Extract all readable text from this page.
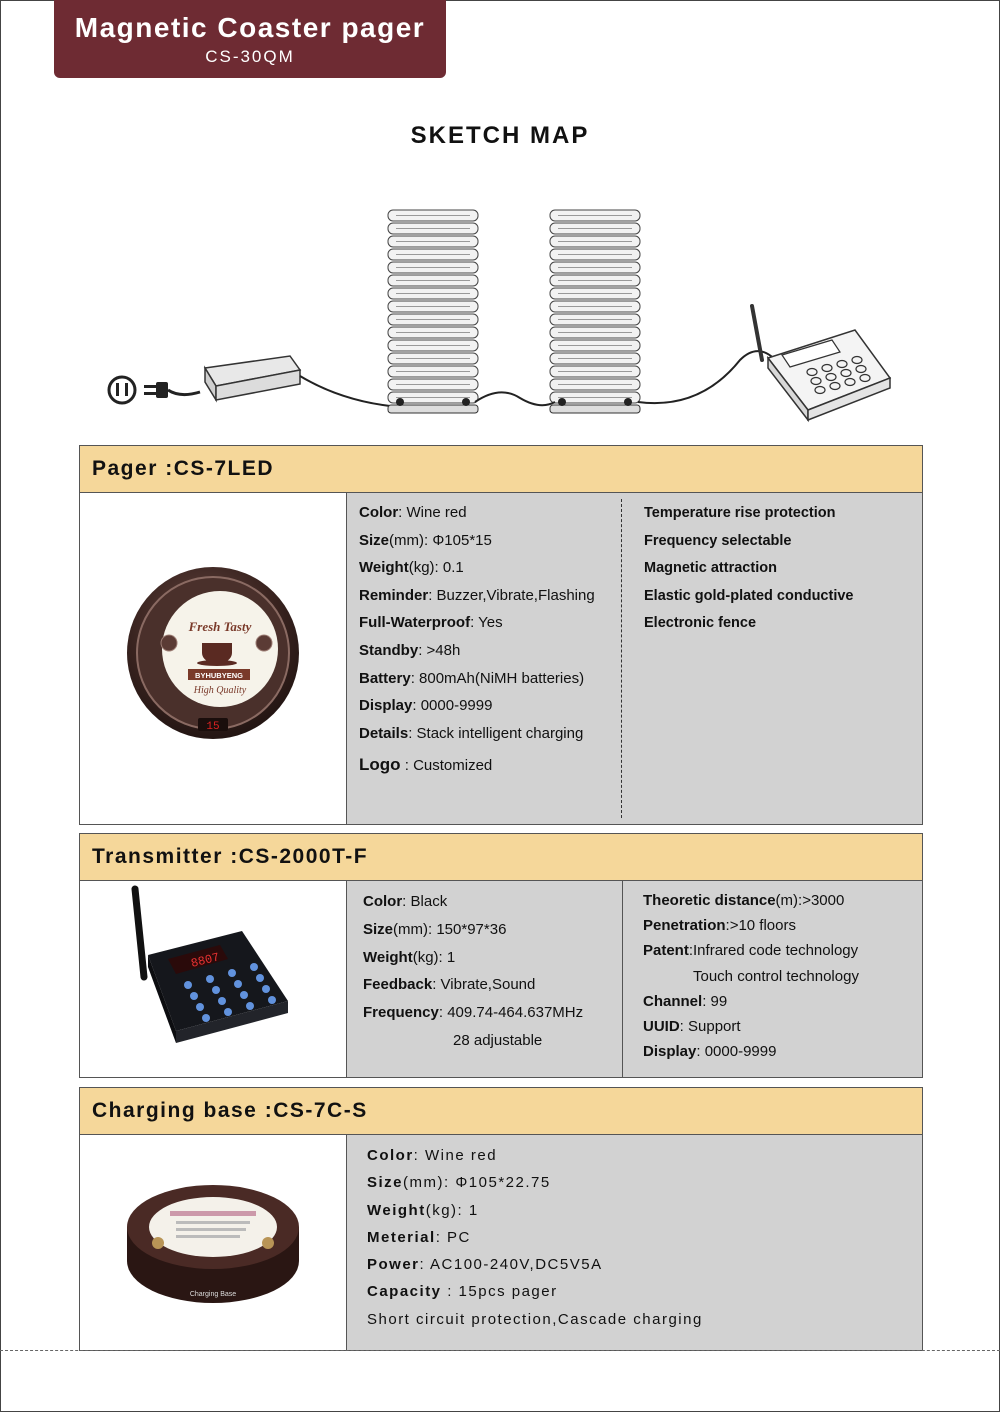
Magnetic Coaster pager
CS-30QM
SKETCH MAP
Pager :CS-7LED
Fresh Tasty
BYHUBYENG
High Quality
15
Color: Wine red
Size(mm): Φ105*15
Weight(kg): 0.1
Reminder: Buzzer,Vibrate,Flashing
Full-Waterproof: Yes
Standby: >48h
Battery: 800mAh(NiMH batteries)
Display: 0000-9999
Details: Stack intelligent charging
Logo : Customized
Temperature rise protection
Frequency selectable
Magnetic attraction
Elastic gold-plated conductive
Electronic fence
Transmitter :CS-2000T-F
8807
Color: Black
Size(mm): 150*97*36
Weight(kg): 1
Feedback: Vibrate,Sound
Frequency: 409.74-464.637MHz
28 adjustable
Theoretic distance(m):>3000
Penetration:>10 floors
Patent:Infrared code technology
Touch control technology
Channel: 99
UUID: Support
Display: 0000-9999
Charging base :CS-7C-S
Charging Base
Color: Wine red
Size(mm): Φ105*22.75
Weight(kg): 1
Meterial: PC
Power: AC100-240V,DC5V5A
Capacity : 15pcs pager
Short circuit protection,Cascade charging
